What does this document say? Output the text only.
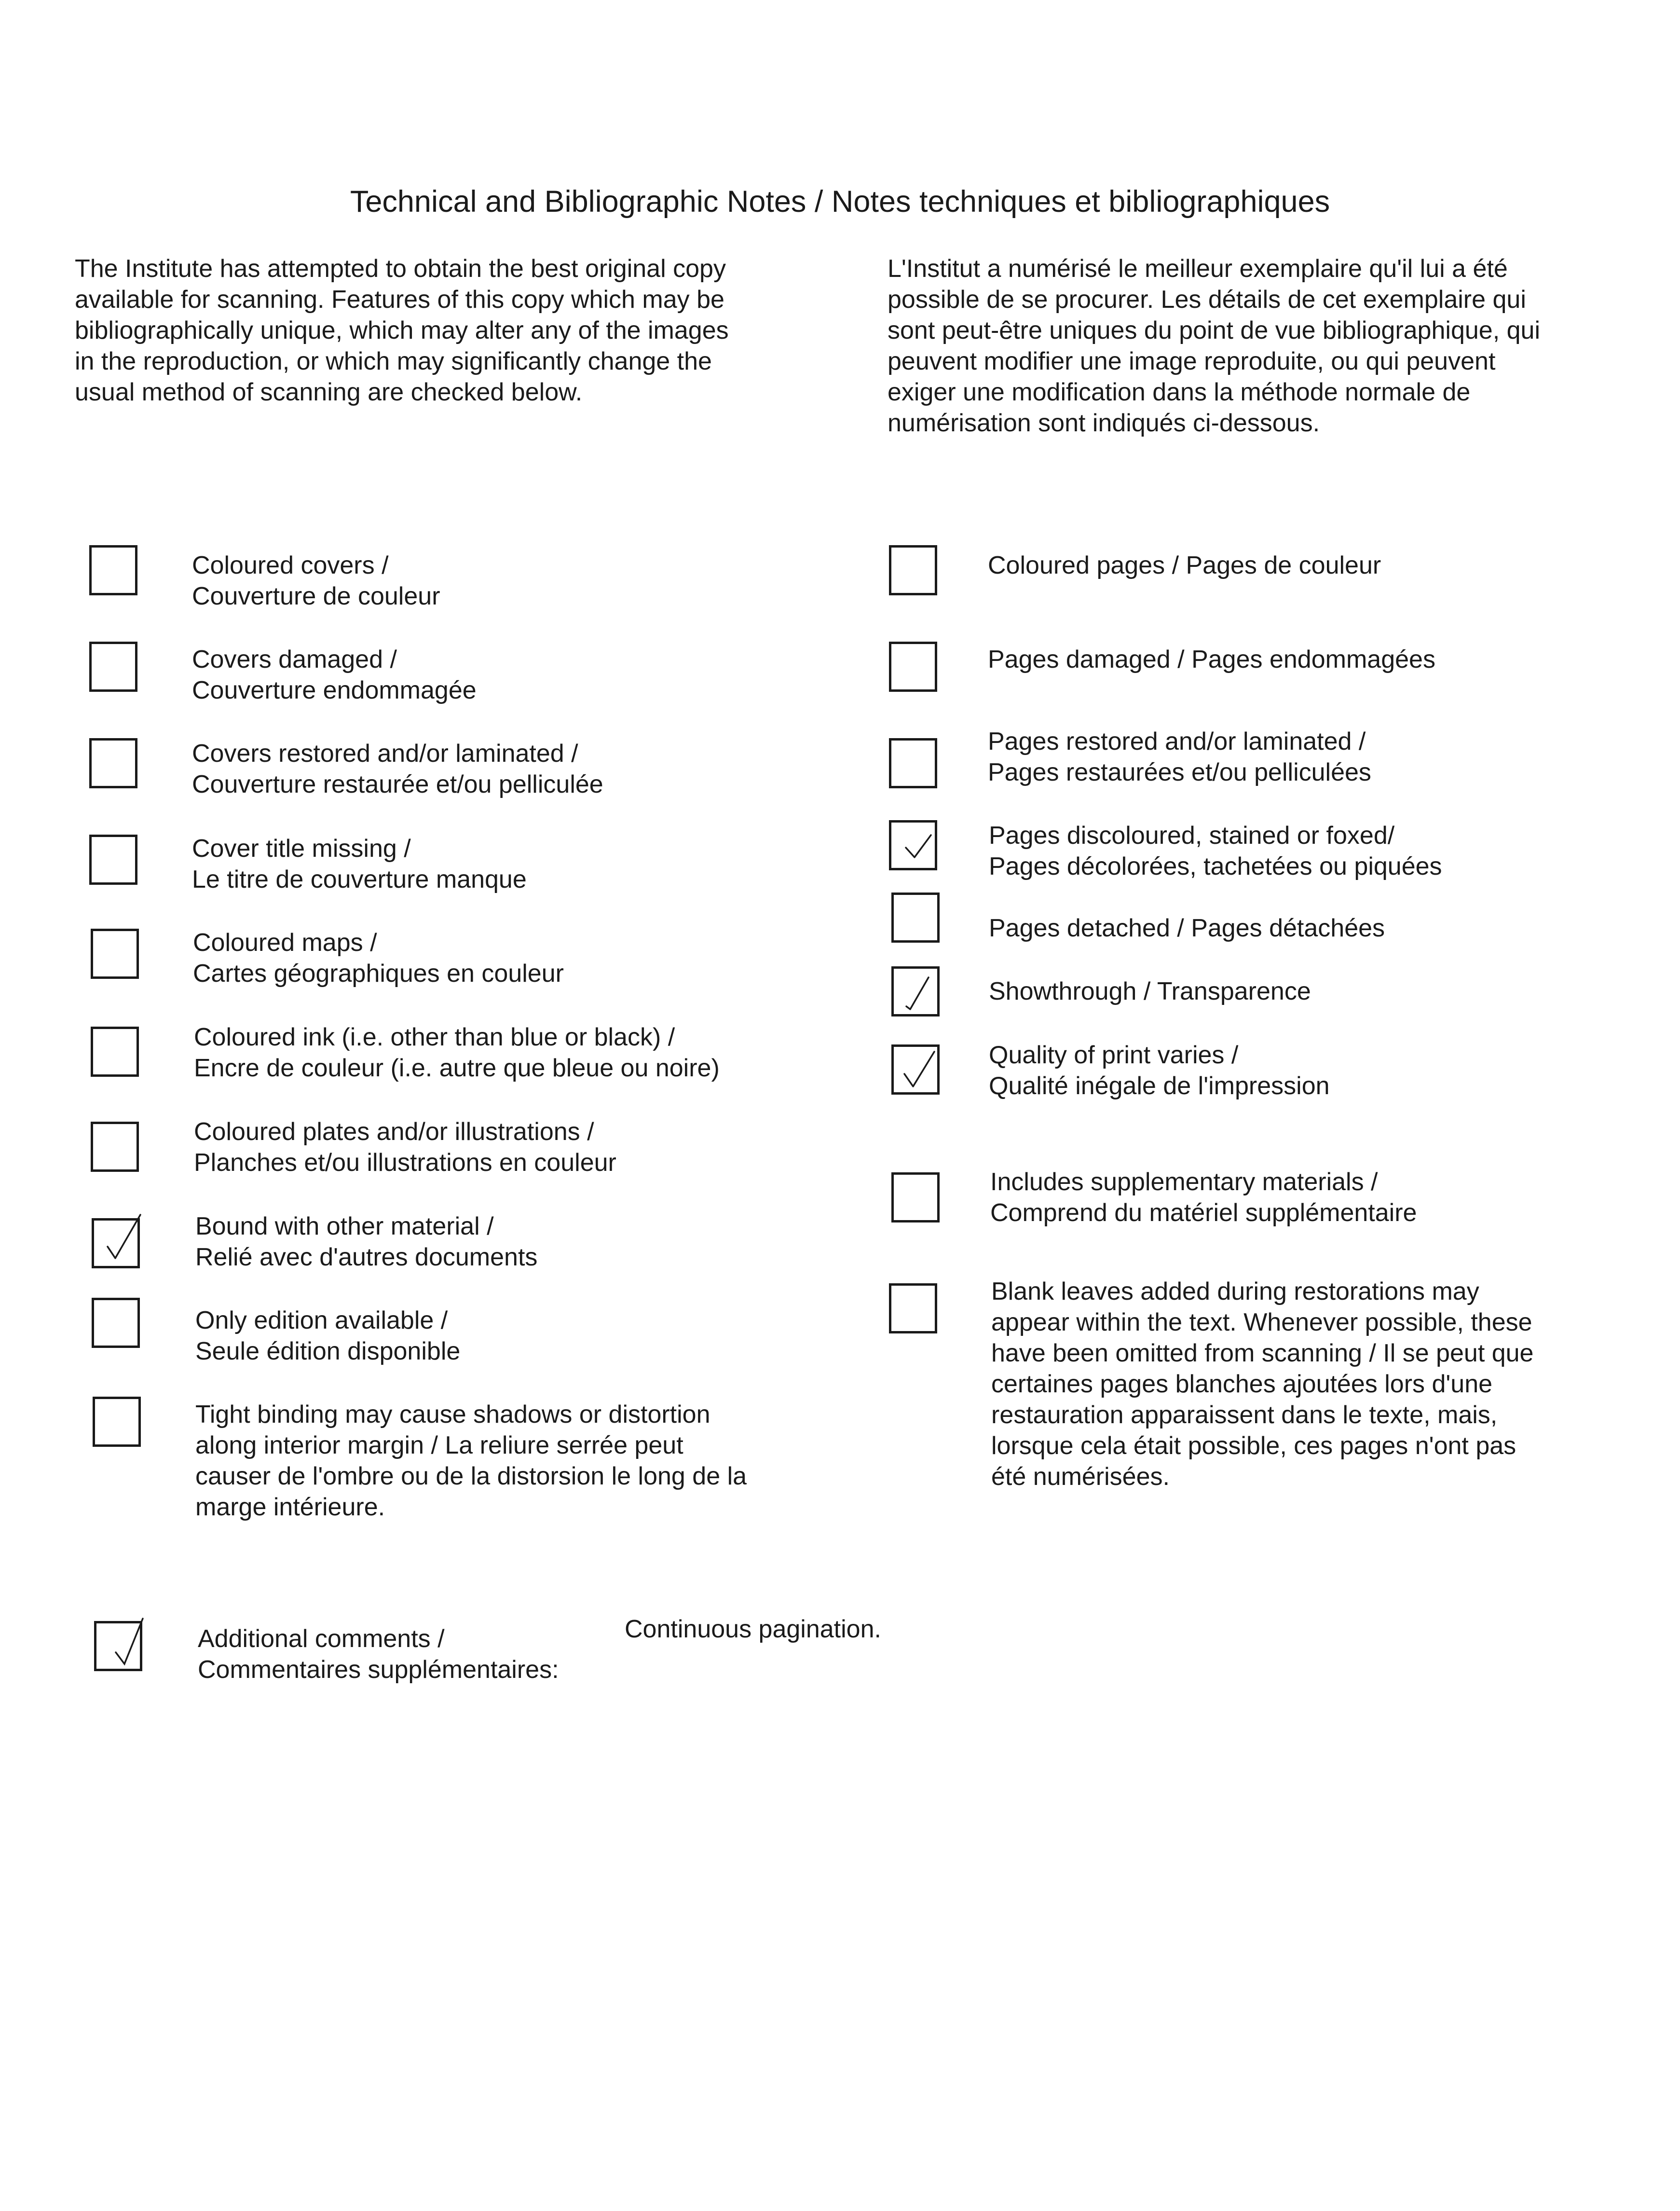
Technical and Bibliographic Notes / Notes techniques et bibliographiques

The Institute has attempted to obtain the best original copy
available for scanning. Features of this copy which may be
bibliographically unique, which may alter any of the images
in the reproduction, or which may significantly change the
usual method of scanning are checked below.

L'Institut a numérisé le meilleur exemplaire qu'il lui a été
possible de se procurer. Les détails de cet exemplaire qui
sont peut-être uniques du point de vue bibliographique, qui
peuvent modifier une image reproduite, ou qui peuvent
exiger une modification dans la méthode normale de
numérisation sont indiqués ci-dessous.

Coloured covers /
Couverture de couleur
Covers damaged /
Couverture endommagée
Covers restored and/or laminated /
Couverture restaurée et/ou pelliculée
Cover title missing /
Le titre de couverture manque
Coloured maps /
Cartes géographiques en couleur
Coloured ink (i.e. other than blue or black) /
Encre de couleur (i.e. autre que bleue ou noire)
Coloured plates and/or illustrations /
Planches et/ou illustrations en couleur
Bound with other material /
Relié avec d'autres documents
Only edition available /
Seule édition disponible
Tight binding may cause shadows or distortion
along interior margin / La reliure serrée peut
causer de l'ombre ou de la distorsion le long de la
marge intérieure.
Coloured pages / Pages de couleur
Pages damaged / Pages endommagées
Pages restored and/or laminated /
Pages restaurées et/ou pelliculées
Pages discoloured, stained or foxed/
Pages décolorées, tachetées ou piquées
Pages detached / Pages détachées
Showthrough / Transparence
Quality of print varies /
Qualité inégale de l'impression
Includes supplementary materials /
Comprend du matériel supplémentaire
Blank leaves added during restorations may
appear within the text. Whenever possible, these
have been omitted from scanning / Il se peut que
certaines pages blanches ajoutées lors d'une
restauration apparaissent dans le texte, mais,
lorsque cela était possible, ces pages n'ont pas
été numérisées.
Additional comments /
Commentaires supplémentaires:
Continuous pagination.
